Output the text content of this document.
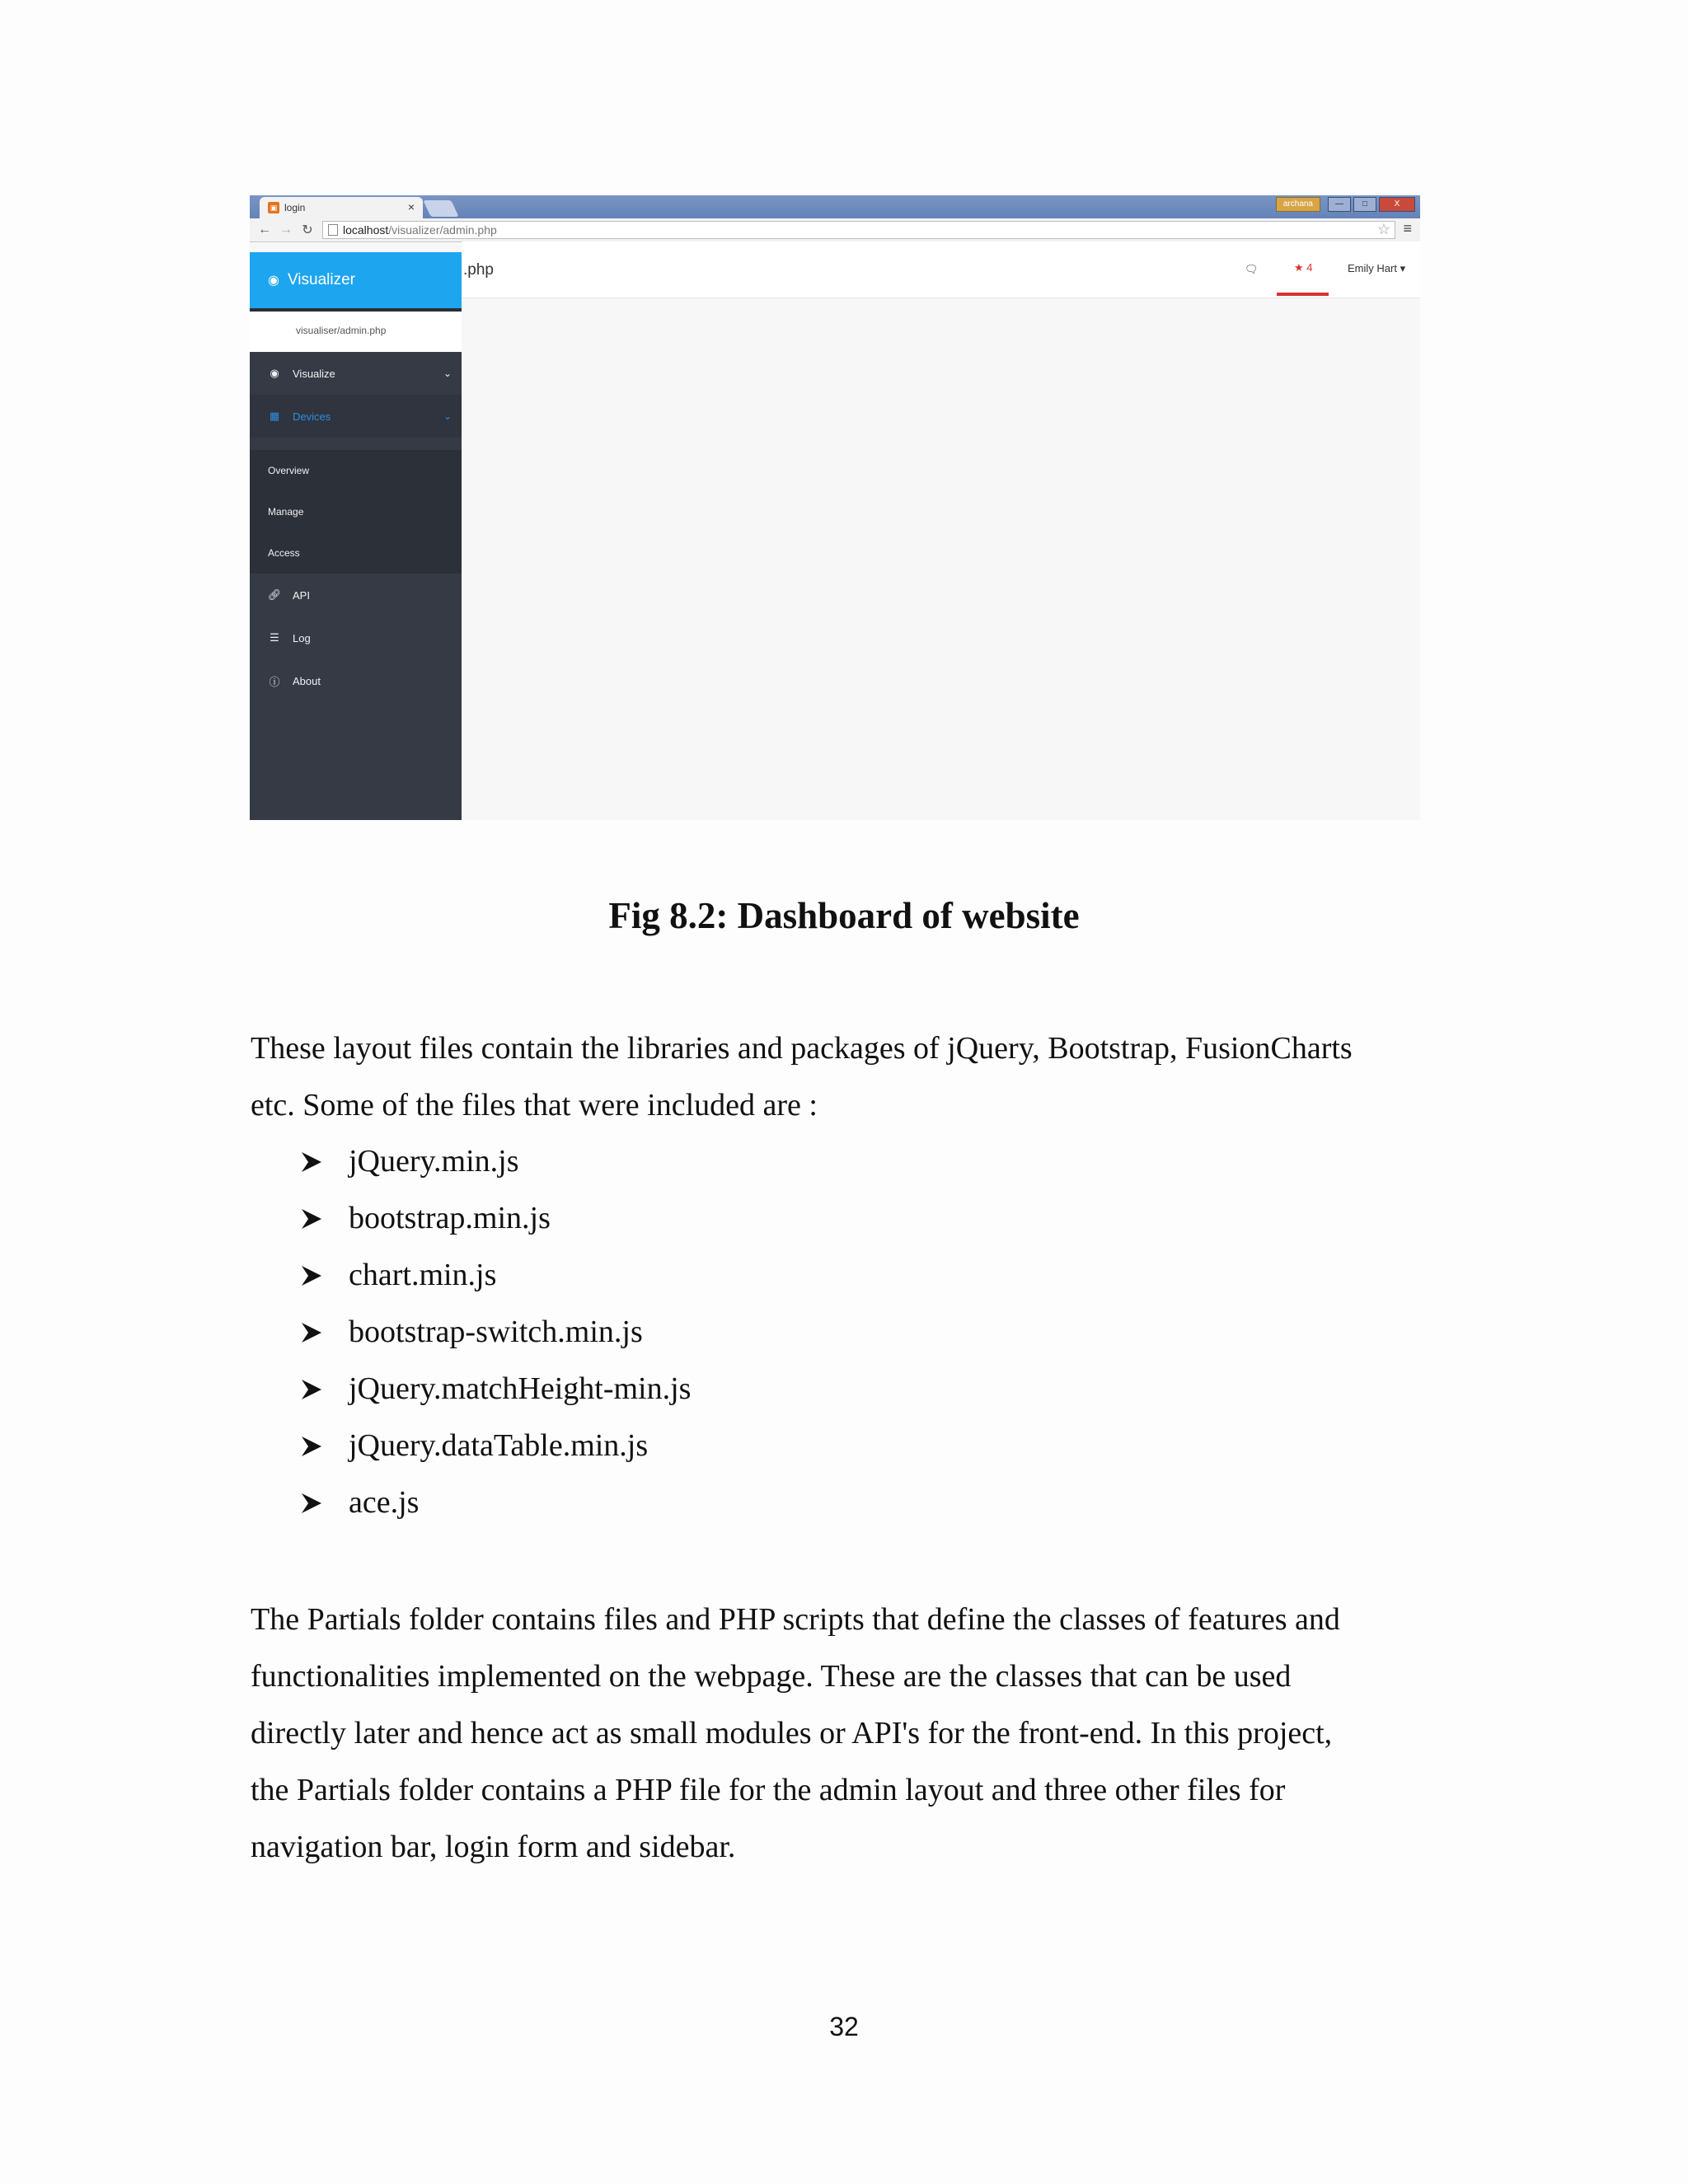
▣ login	×	archana	—	□	X
← → ↻	localhost /visualizer/admin.php	☆ ≡
◉ Visualizer
visualiser/admin.php
◉	Visualize	⌄
▦ Devices	⌄
Overview
Manage
Access
🔗︎ API
☰	Log
ⓘ About
.php	🗨︎	★ 4	Emily Hart ▾
Fig 8.2: Dashboard of website
These layout files contain the libraries and packages of jQuery, Bootstrap, FusionCharts
etc. Some of the files that were included are :
jQuery.min.js
bootstrap.min.js
chart.min.js
bootstrap-switch.min.js
jQuery.matchHeight-min.js
jQuery.dataTable.min.js
ace.js
The Partials folder contains files and PHP scripts that define the classes of features and
functionalities implemented on the webpage. These are the classes that can be used
directly later and hence act as small modules or API's for the front-end. In this project,
the Partials folder contains a PHP file for the admin layout and three other files for
navigation bar, login form and sidebar.
32
